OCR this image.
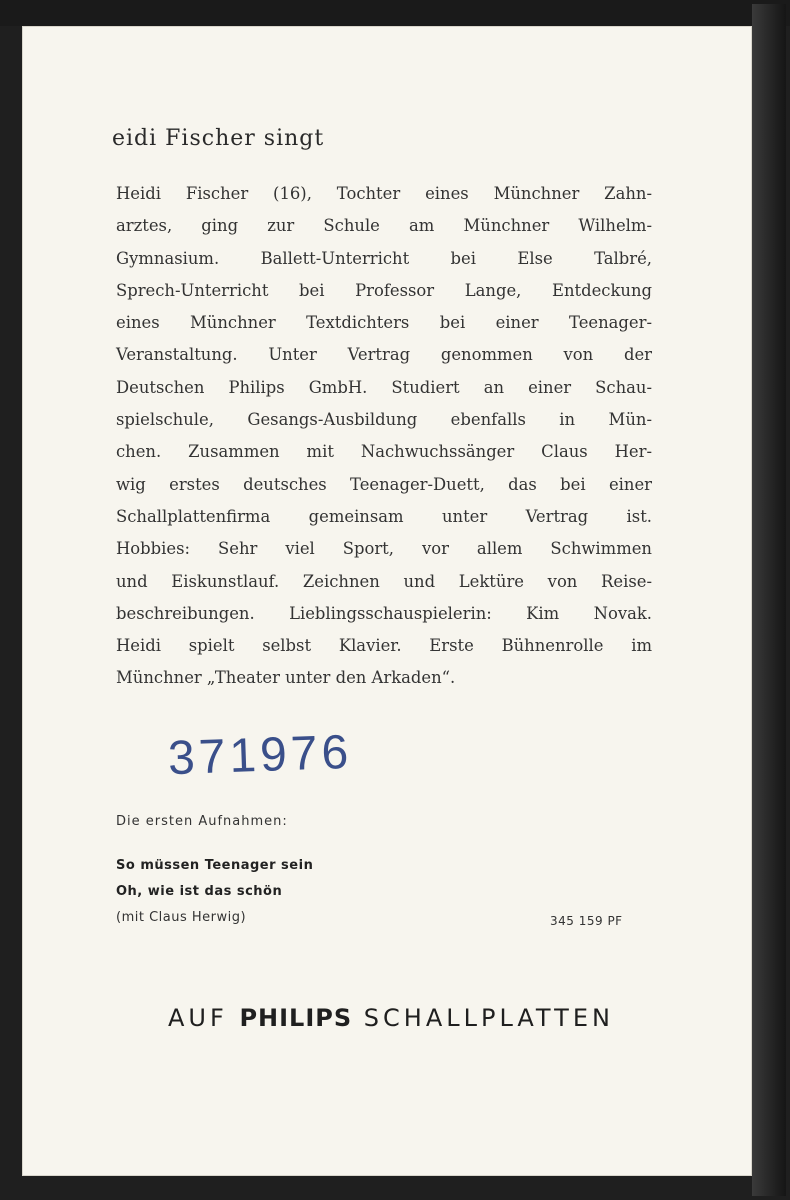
eidi Fischer singt
Heidi Fischer (16), Tochter eines Münchner Zahn-
arztes, ging zur Schule am Münchner Wilhelm-
Gymnasium. Ballett-Unterricht bei Else Talbré,
Sprech-Unterricht bei Professor Lange, Entdeckung
eines Münchner Textdichters bei einer Teenager-
Veranstaltung. Unter Vertrag genommen von der
Deutschen Philips GmbH. Studiert an einer Schau-
spielschule, Gesangs-Ausbildung ebenfalls in Mün-
chen. Zusammen mit Nachwuchssänger Claus Her-
wig erstes deutsches Teenager-Duett, das bei einer
Schallplattenfirma gemeinsam unter Vertrag ist.
Hobbies: Sehr viel Sport, vor allem Schwimmen
und Eiskunstlauf. Zeichnen und Lektüre von Reise-
beschreibungen. Lieblingsschauspielerin: Kim Novak.
Heidi spielt selbst Klavier. Erste Bühnenrolle im
Münchner „Theater unter den Arkaden“.
371976
Die ersten Aufnahmen:
So müssen Teenager sein
Oh, wie ist das schön
(mit Claus Herwig)	345 159 PF
AUF PHILIPS SCHALLPLATTEN
